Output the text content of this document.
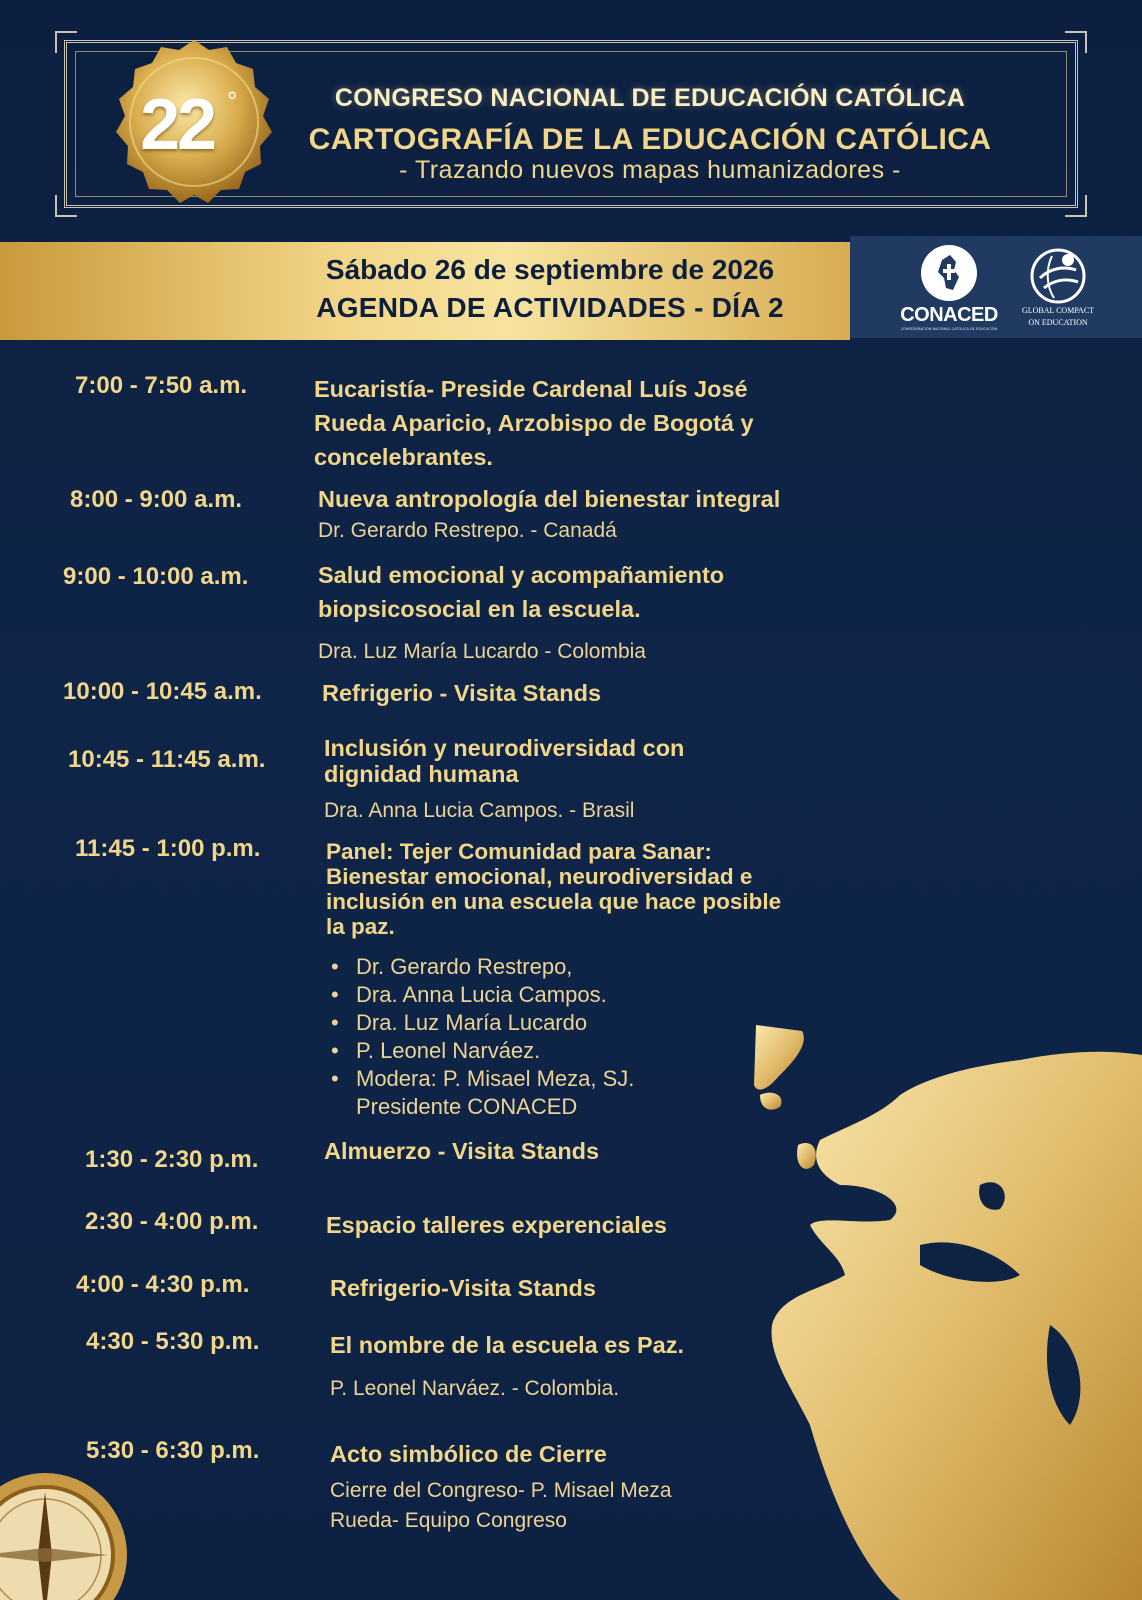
22 °	CONGRESO NACIONAL DE EDUCACIÓN CATÓLICA
CARTOGRAFÍA DE LA EDUCACIÓN CATÓLICA
- Trazando nuevos mapas humanizadores -
Sábado 26 de septiembre de 2026
AGENDA DE ACTIVIDADES - DÍA 2	CONACED
CONFEDERACIÓN NACIONAL CATÓLICA DE EDUCACIÓN
GLOBAL COMPACT
ON EDUCATION
7:00 - 7:50 a.m.	Eucaristía- Preside Cardenal Luís José
Rueda Aparicio, Arzobispo de Bogotá y
concelebrantes.
8:00 - 9:00 a.m.	Nueva antropología del bienestar integral
Dr. Gerardo Restrepo. - Canadá
9:00 - 10:00 a.m.	Salud emocional y acompañamiento
biopsicosocial en la escuela.
Dra. Luz María Lucardo - Colombia
10:00 - 10:45 a.m.	Refrigerio - Visita Stands
10:45 - 11:45 a.m. Inclusión y neurodiversidad con
dignidad humana
Dra. Anna Lucia Campos. - Brasil
11:45 - 1:00 p.m.	Panel: Tejer Comunidad para Sanar:
Bienestar emocional, neurodiversidad e
inclusión en una escuela que hace posible
la paz.
• Dr. Gerardo Restrepo,
• Dra. Anna Lucia Campos.
• Dra. Luz María Lucardo
• P. Leonel Narváez.
• Modera: P. Misael Meza, SJ.
Presidente CONACED
1:30 - 2:30 p.m.	Almuerzo - Visita Stands
2:30 - 4:00 p.m.	Espacio talleres experenciales
4:00 - 4:30 p.m.	Refrigerio-Visita Stands
4:30 - 5:30 p.m.	El nombre de la escuela es Paz.
P. Leonel Narváez. - Colombia.
5:30 - 6:30 p.m.	Acto simbólico de Cierre
Cierre del Congreso- P. Misael Meza
Rueda- Equipo Congreso
